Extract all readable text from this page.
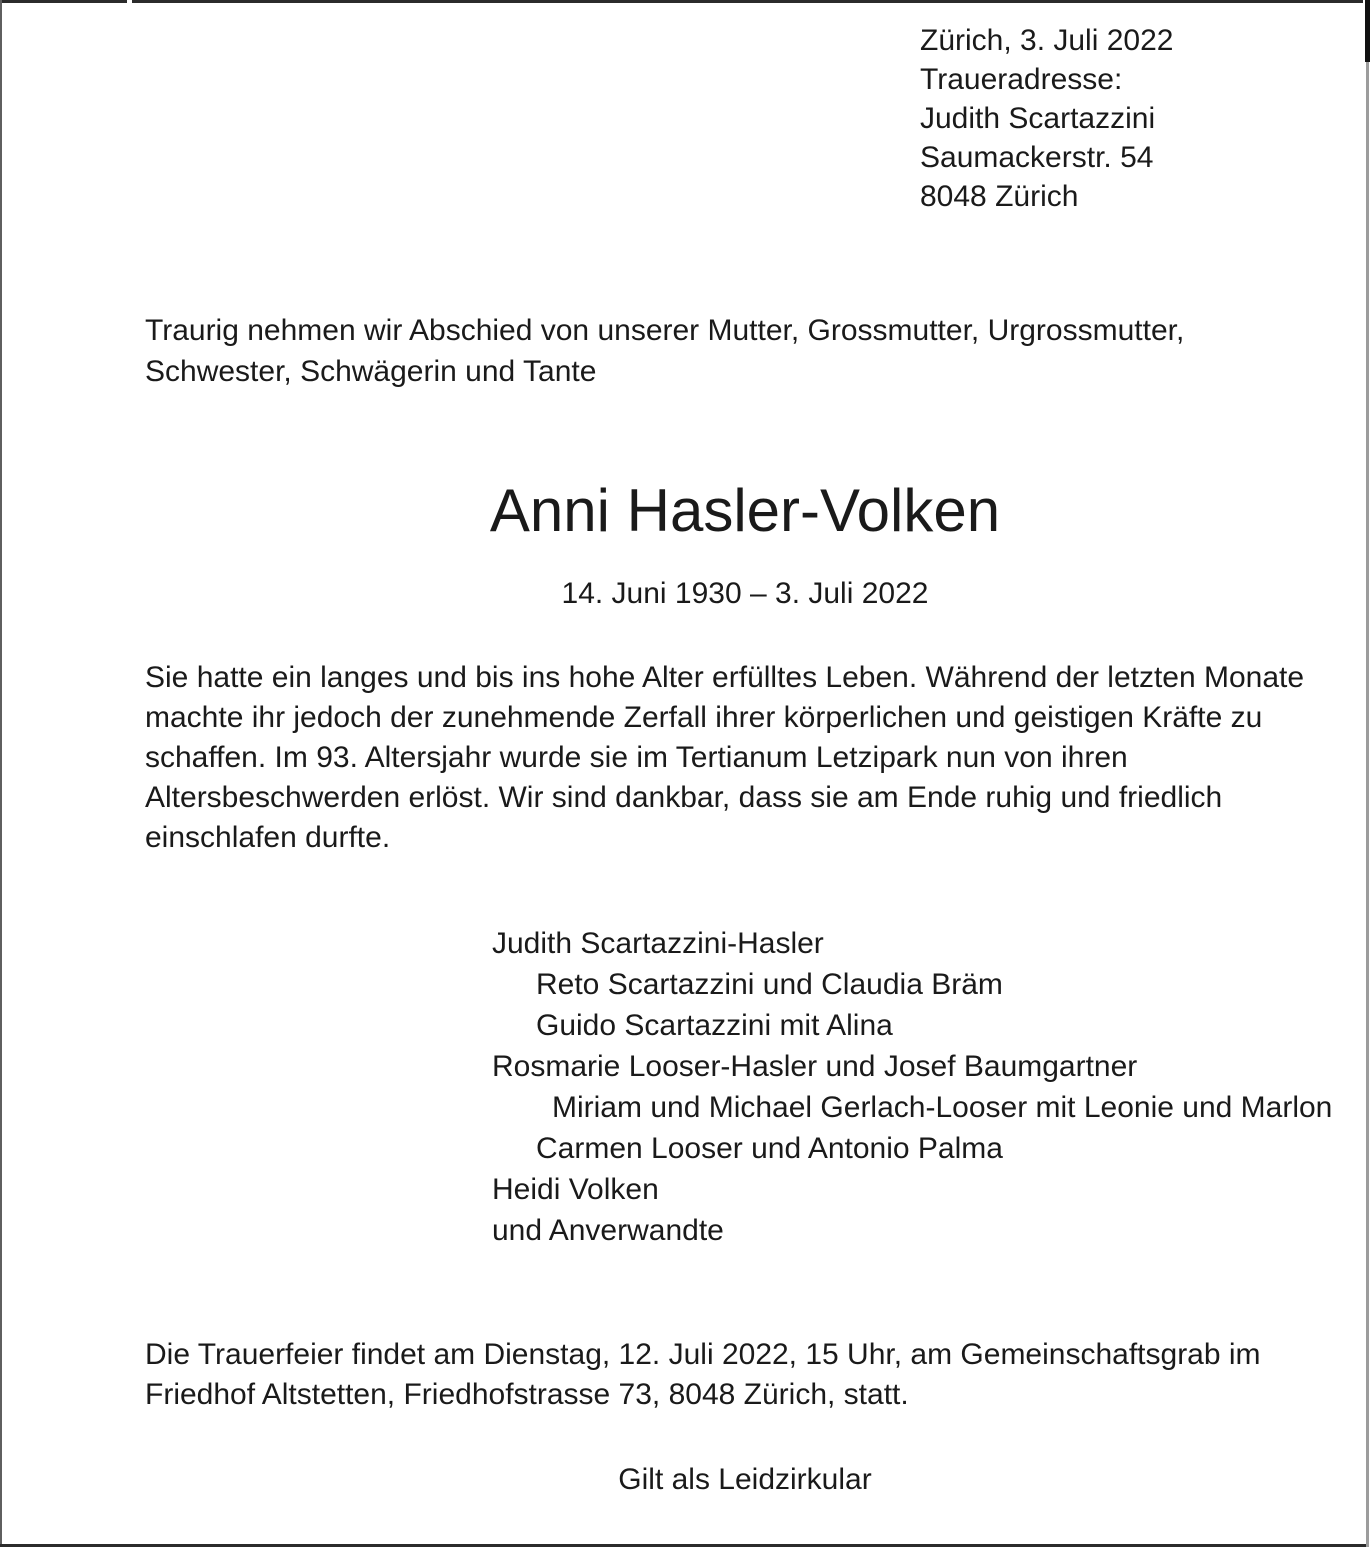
Zürich, 3. Juli 2022
Traueradresse:
Judith Scartazzini
Saumackerstr. 54
8048 Zürich
Traurig nehmen wir Abschied von unserer Mutter, Grossmutter, Urgrossmutter,
Schwester, Schwägerin und Tante
Anni Hasler-Volken
14. Juni 1930 – 3. Juli 2022
Sie hatte ein langes und bis ins hohe Alter erfülltes Leben. Während der letzten Monate
machte ihr jedoch der zunehmende Zerfall ihrer körperlichen und geistigen Kräfte zu
schaffen. Im 93. Altersjahr wurde sie im Tertianum Letzipark nun von ihren
Altersbeschwerden erlöst. Wir sind dankbar, dass sie am Ende ruhig und friedlich
einschlafen durfte.
Judith Scartazzini-Hasler
Reto Scartazzini und Claudia Bräm
Guido Scartazzini mit Alina
Rosmarie Looser-Hasler und Josef Baumgartner
Miriam und Michael Gerlach-Looser mit Leonie und Marlon
Carmen Looser und Antonio Palma
Heidi Volken
und Anverwandte
Die Trauerfeier findet am Dienstag, 12. Juli 2022, 15 Uhr, am Gemeinschaftsgrab im
Friedhof Altstetten, Friedhofstrasse 73, 8048 Zürich, statt.
Gilt als Leidzirkular
